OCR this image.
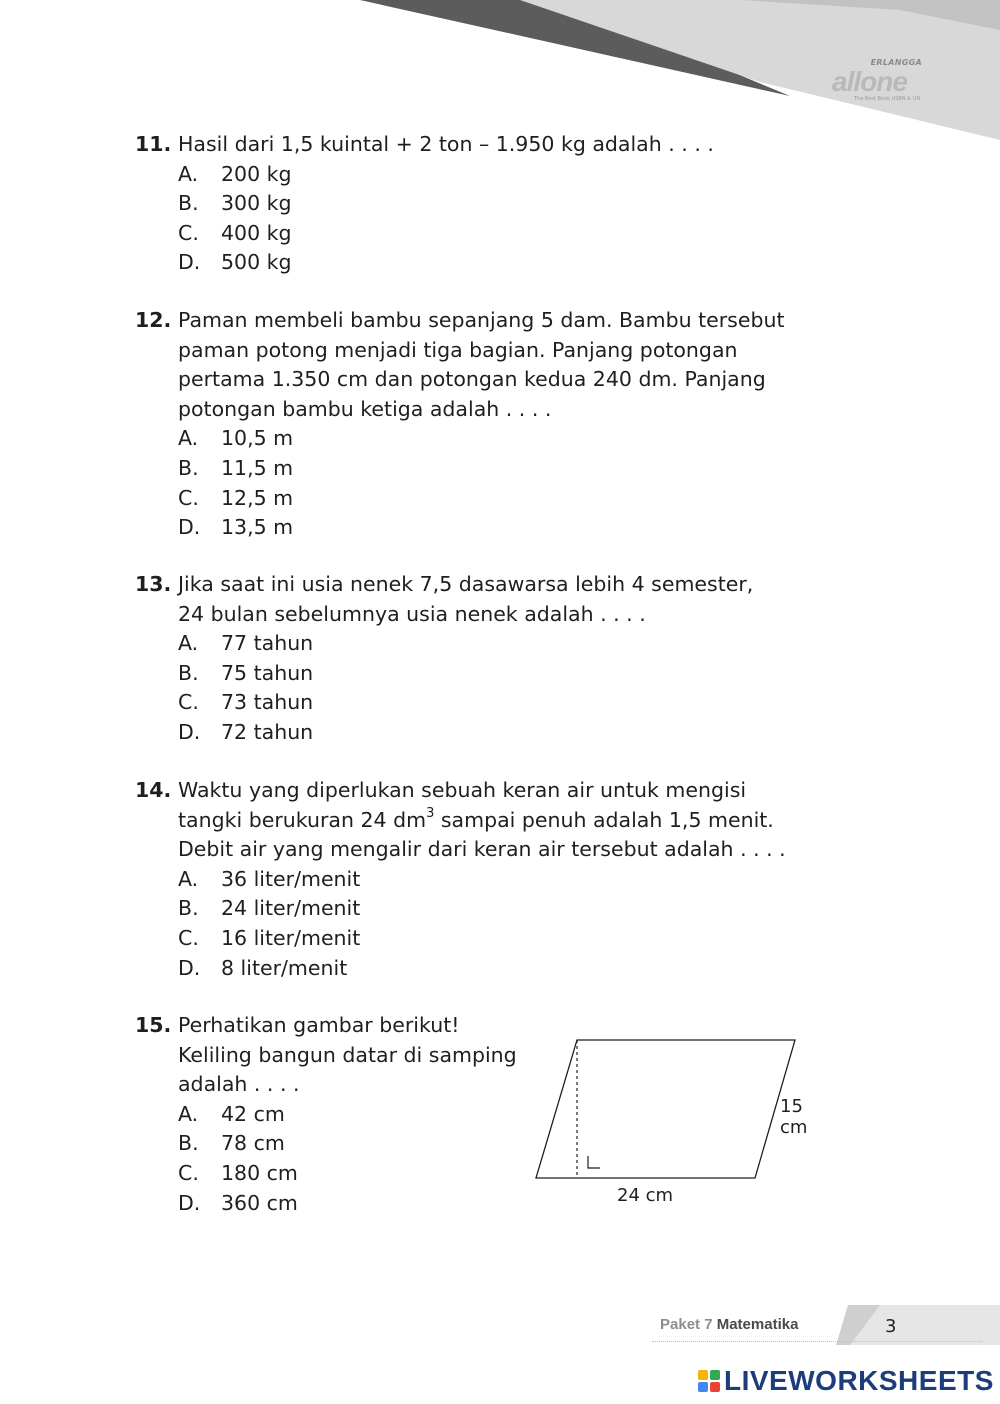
ERLANGGA
allone
The Best Book USBN & UN
11. Hasil dari 1,5 kuintal + 2 ton – 1.950 kg adalah . . . .

A.	200 kg
B.	300 kg
C.	400 kg
D.	500 kg
12. Paman membeli bambu sepanjang 5 dam. Bambu tersebut

paman potong menjadi tiga bagian. Panjang potongan

pertama 1.350 cm dan potongan kedua 240 dm. Panjang

potongan bambu ketiga adalah . . . .

A.	10,5 m
B.	11,5 m
C.	12,5 m
D.	13,5 m
13. Jika saat ini usia nenek 7,5 dasawarsa lebih 4 semester,

24 bulan sebelumnya usia nenek adalah . . . .

A.	77 tahun
B.	75 tahun
C.	73 tahun
D.	72 tahun
14. Waktu yang diperlukan sebuah keran air untuk mengisi

tangki berukuran 24 $dm^3$ sampai penuh adalah 1,5 menit.

Debit air yang mengalir dari keran air tersebut adalah . . . .

A.	36 liter/menit
B.	24 liter/menit
C.	16 liter/menit
D.	8 liter/menit
15. Perhatikan gambar berikut!

Keliling bangun datar di samping

adalah . . . .

A.	42 cm
B.	78 cm
C.	180 cm
D.	360 cm
15 cm
24 cm
Paket 7 Matematika	3
LIVEWORKSHEETS
